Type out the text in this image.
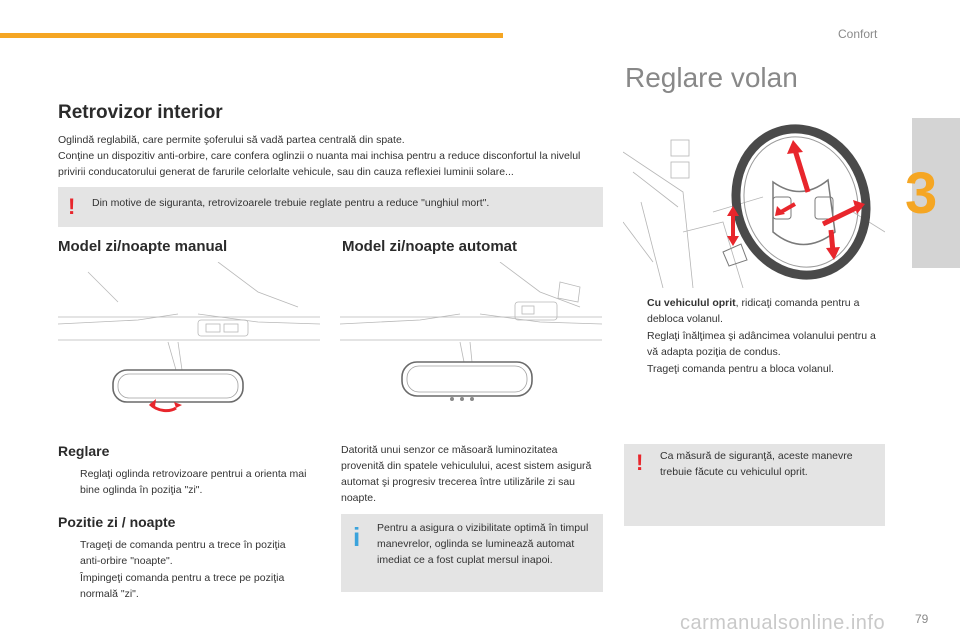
Confort
3
Retrovizor interior
Oglindă reglabilă, care permite şoferului să vadă partea centrală din spate.
Conţine un dispozitiv anti-orbire, care confera oglinzii o nuanta mai inchisa pentru a reduce disconfortul la nivelul privirii conducatorului generat de farurile celorlalte vehicule, sau din cauza reflexiei luminii solare...
! Din motive de siguranta, retrovizoarele trebuie reglate pentru a reduce "unghiul mort".
Model zi/noapte manual	Model zi/noapte automat
Reglare
Reglaţi oglinda retrovizoare pentrui a orienta mai bine oglinda în poziţia "zi".
Pozitie zi / noapte
Trageţi de comanda pentru a trece în poziţia anti-orbire "noapte".
Împingeţi comanda pentru a trece pe poziţia normală "zi".
Datorită unui senzor ce măsoară luminozitatea provenită din spatele vehiculului, acest sistem asigură automat şi progresiv trecerea între utilizările zi sau noapte.
i Pentru a asigura o vizibilitate optimă în timpul manevrelor, oglinda se luminează automat imediat ce a fost cuplat mersul inapoi.
Reglare volan
Cu vehiculul oprit, ridicaţi comanda pentru a debloca volanul.
Reglaţi înălţimea şi adâncimea volanului pentru a vă adapta poziţia de condus.
Trageţi comanda pentru a bloca volanul.
! Ca măsură de siguranţă, aceste manevre trebuie făcute cu vehiculul oprit.
carmanualsonline.info 79
